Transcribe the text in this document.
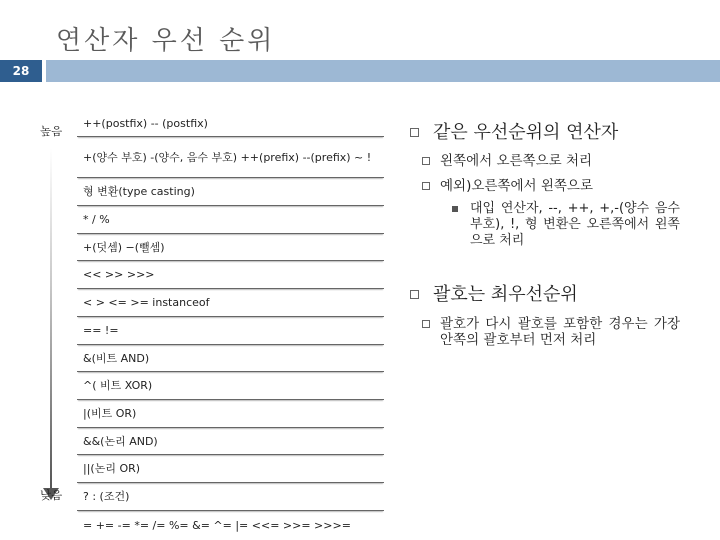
연산자 우선 순위
28
높음
낮음
++(postfix) -- (postfix)
+(양수 부호) -(양수, 음수 부호) ++(prefix) --(prefix) ~ !
형 변환(type casting)
* / %
+(덧셈) −(뺄셈)
<< >> >>>
< > <= >= instanceof
== !=
&(비트 AND)
^( 비트 XOR)
|(비트 OR)
&&(논리 AND)
||(논리 OR)
? : (조건)
= += -= *= /= %= &= ^= |= <<= >>= >>>=
같은 우선순위의 연산자
왼쪽에서 오른쪽으로 처리
예외)오른쪽에서 왼쪽으로
대입 연산자, --, ++, +,-(양수 음수 부호), !, 형 변환은 오른쪽에서 왼쪽으로 처리
괄호는 최우선순위
괄호가 다시 괄호를 포함한 경우는 가장 안쪽의 괄호부터 먼저 처리
